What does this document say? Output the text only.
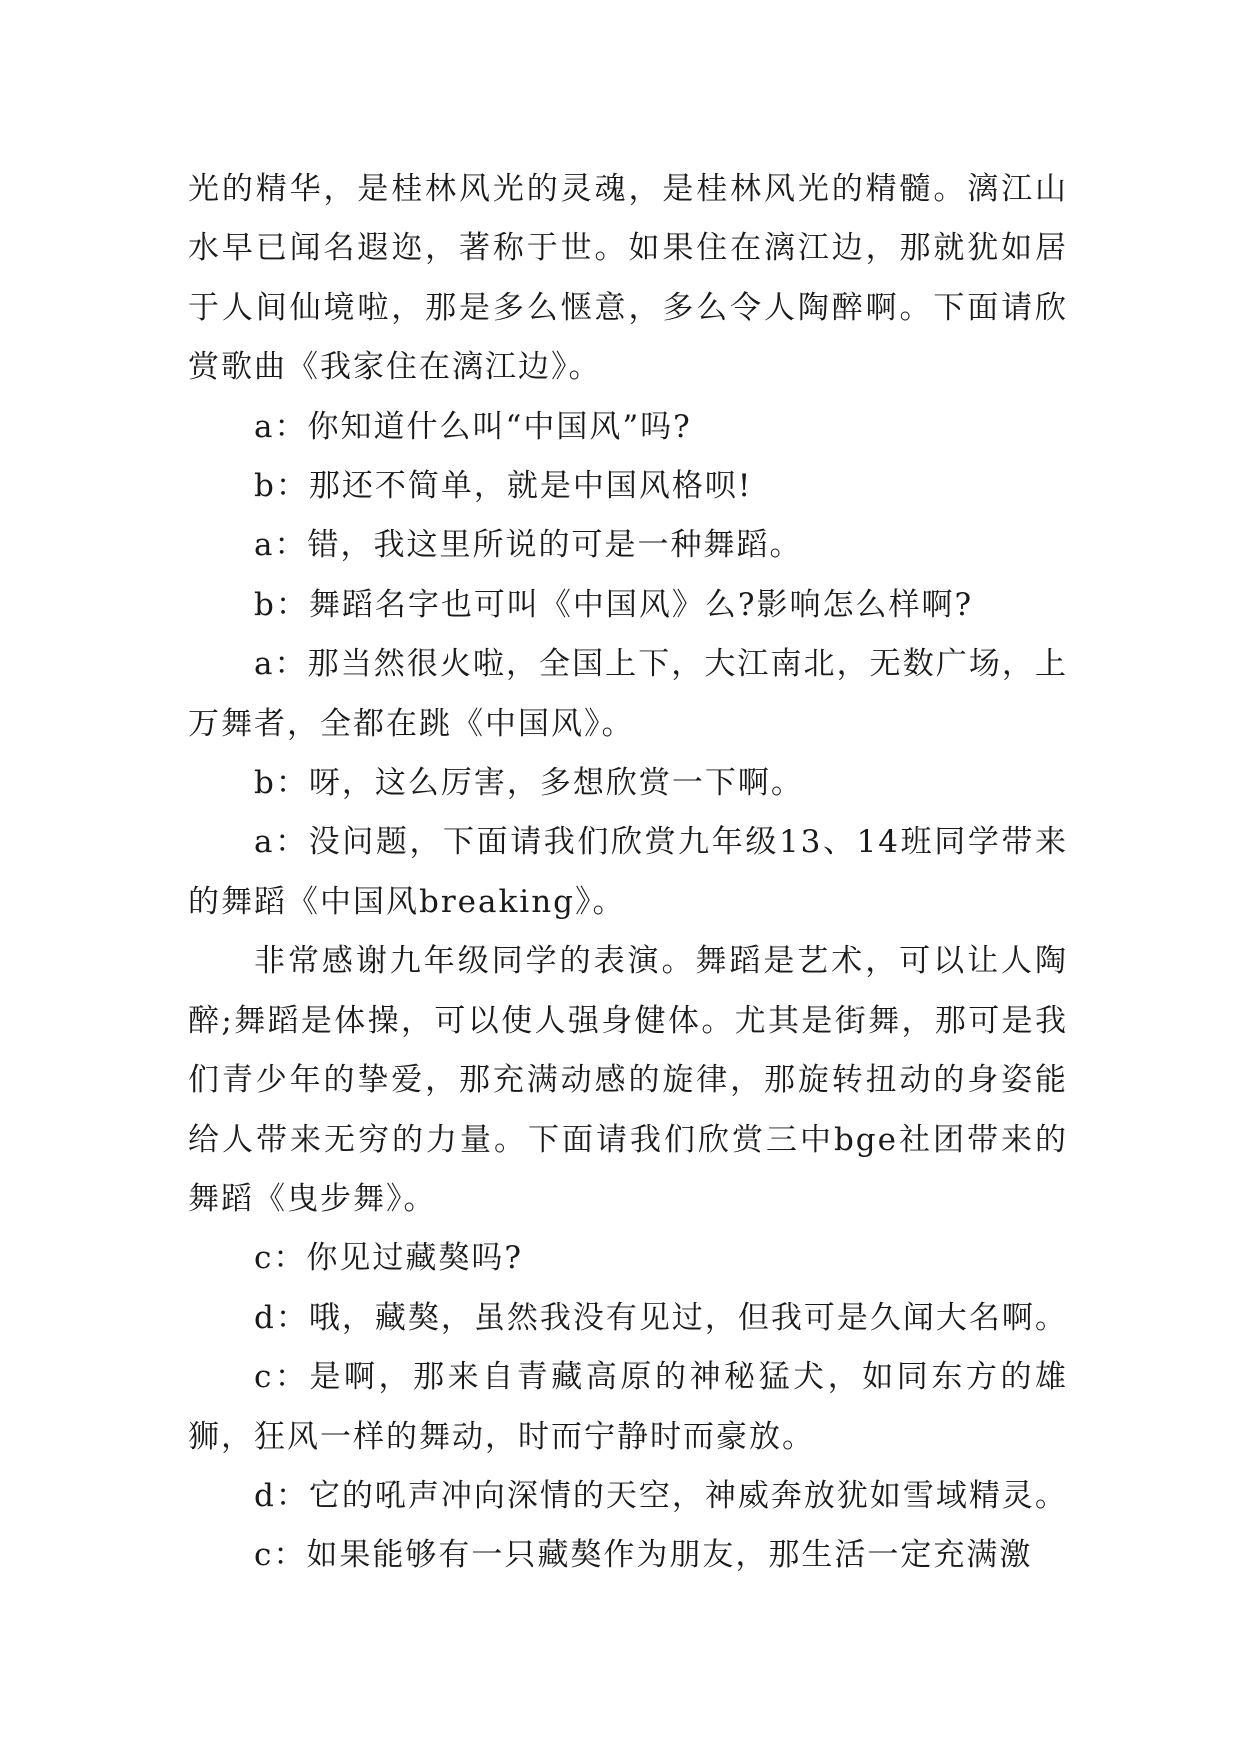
光的精华，是桂林风光的灵魂，是桂林风光的精髓。漓江山水早已闻名遐迩，著称于世。如果住在漓江边，那就犹如居于人间仙境啦，那是多么惬意，多么令人陶醉啊。下面请欣赏歌曲《我家住在漓江边》。

a：你知道什么叫“中国风”吗?

b：那还不简单，就是中国风格呗!

a：错，我这里所说的可是一种舞蹈。

b：舞蹈名字也可叫《中国风》么?影响怎么样啊?

a：那当然很火啦，全国上下，大江南北，无数广场，上万舞者，全都在跳《中国风》。

b：呀，这么厉害，多想欣赏一下啊。

a：没问题，下面请我们欣赏九年级13、14班同学带来的舞蹈《中国风breaking》。

非常感谢九年级同学的表演。舞蹈是艺术，可以让人陶醉;舞蹈是体操，可以使人强身健体。尤其是街舞，那可是我们青少年的挚爱，那充满动感的旋律，那旋转扭动的身姿能给人带来无穷的力量。下面请我们欣赏三中bge社团带来的舞蹈《曳步舞》。

c：你见过藏獒吗?

d：哦，藏獒，虽然我没有见过，但我可是久闻大名啊。

c：是啊，那来自青藏高原的神秘猛犬，如同东方的雄狮，狂风一样的舞动，时而宁静时而豪放。

d：它的吼声冲向深情的天空，神威奔放犹如雪域精灵。

c：如果能够有一只藏獒作为朋友，那生活一定充满激
